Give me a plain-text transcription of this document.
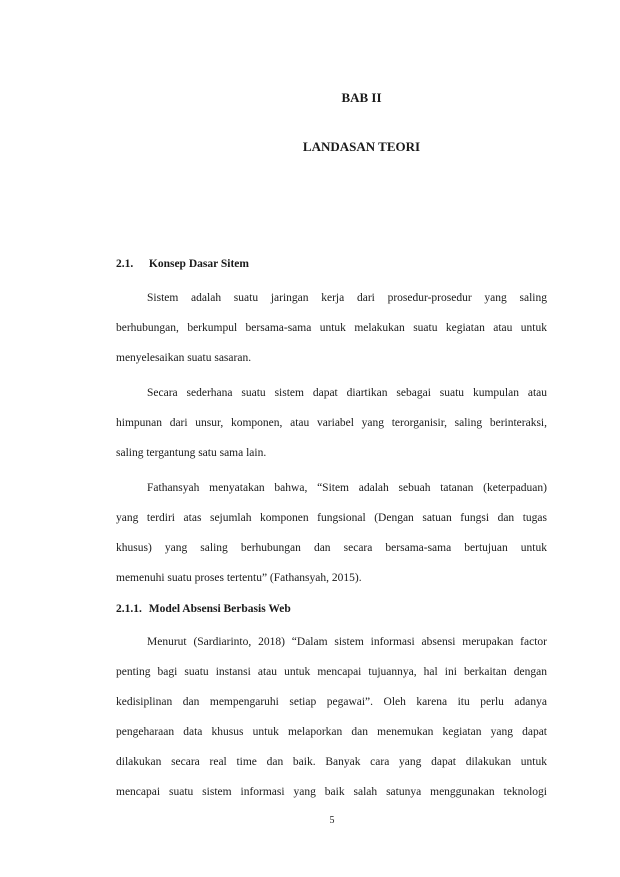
BAB II

LANDASAN TEORI

2.1. Konsep Dasar Sitem

Sistem adalah suatu jaringan kerja dari prosedur-prosedur yang saling
berhubungan, berkumpul bersama-sama untuk melakukan suatu kegiatan atau untuk
menyelesaikan suatu sasaran.
Secara sederhana suatu sistem dapat diartikan sebagai suatu kumpulan atau
himpunan dari unsur, komponen, atau variabel yang terorganisir, saling berinteraksi,
saling tergantung satu sama lain.
Fathansyah menyatakan bahwa, “Sitem adalah sebuah tatanan (keterpaduan)
yang terdiri atas sejumlah komponen fungsional (Dengan satuan fungsi dan tugas
khusus) yang saling berhubungan dan secara bersama-sama bertujuan untuk
memenuhi suatu proses tertentu” (Fathansyah, 2015).

2.1.1. Model Absensi Berbasis Web

Menurut (Sardiarinto, 2018) “Dalam sistem informasi absensi merupakan factor
penting bagi suatu instansi atau untuk mencapai tujuannya, hal ini berkaitan dengan
kedisiplinan dan mempengaruhi setiap pegawai”. Oleh karena itu perlu adanya
pengeharaan data khusus untuk melaporkan dan menemukan kegiatan yang dapat
dilakukan secara real time dan baik. Banyak cara yang dapat dilakukan untuk
mencapai suatu sistem informasi yang baik salah satunya menggunakan teknologi

5
